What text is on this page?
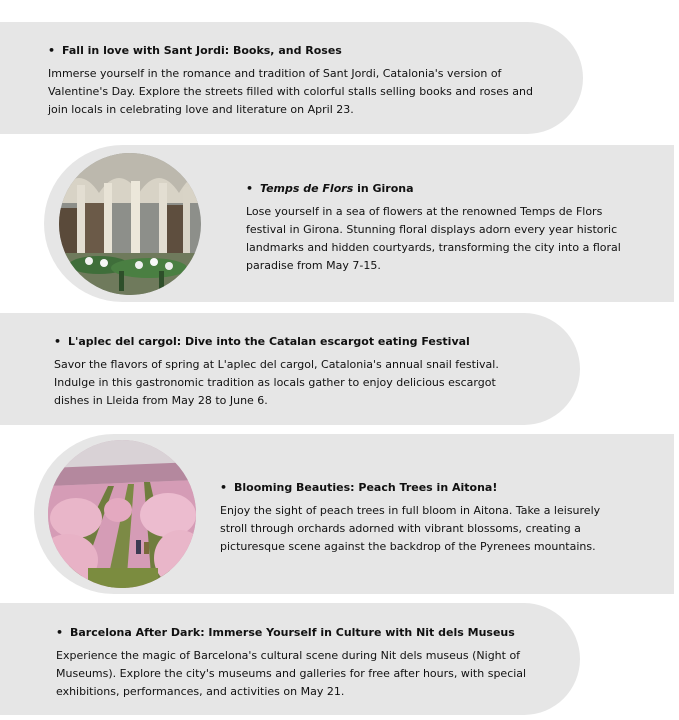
• Fall in love with Sant Jordi: Books, and Roses

Immerse yourself in the romance and tradition of Sant Jordi, Catalonia's version of Valentine's Day. Explore the streets filled with colorful stalls selling books and roses and join locals in celebrating love and literature on April 23.

• Temps de Flors in Girona

Lose yourself in a sea of flowers at the renowned Temps de Flors festival in Girona. Stunning floral displays adorn every year historic landmarks and hidden courtyards, transforming the city into a floral paradise from May 7-15.

• L'aplec del cargol: Dive into the Catalan escargot eating Festival

Savor the flavors of spring at L'aplec del cargol, Catalonia's annual snail festival. Indulge in this gastronomic tradition as locals gather to enjoy delicious escargot dishes in Lleida from May 28 to June 6.

• Blooming Beauties: Peach Trees in Aitona!

Enjoy the sight of peach trees in full bloom in Aitona. Take a leisurely stroll through orchards adorned with vibrant blossoms, creating a picturesque scene against the backdrop of the Pyrenees mountains.

• Barcelona After Dark: Immerse Yourself in Culture with Nit dels Museus

Experience the magic of Barcelona's cultural scene during Nit dels museus (Night of Museums). Explore the city's museums and galleries for free after hours, with special exhibitions, performances, and activities on May 21.
